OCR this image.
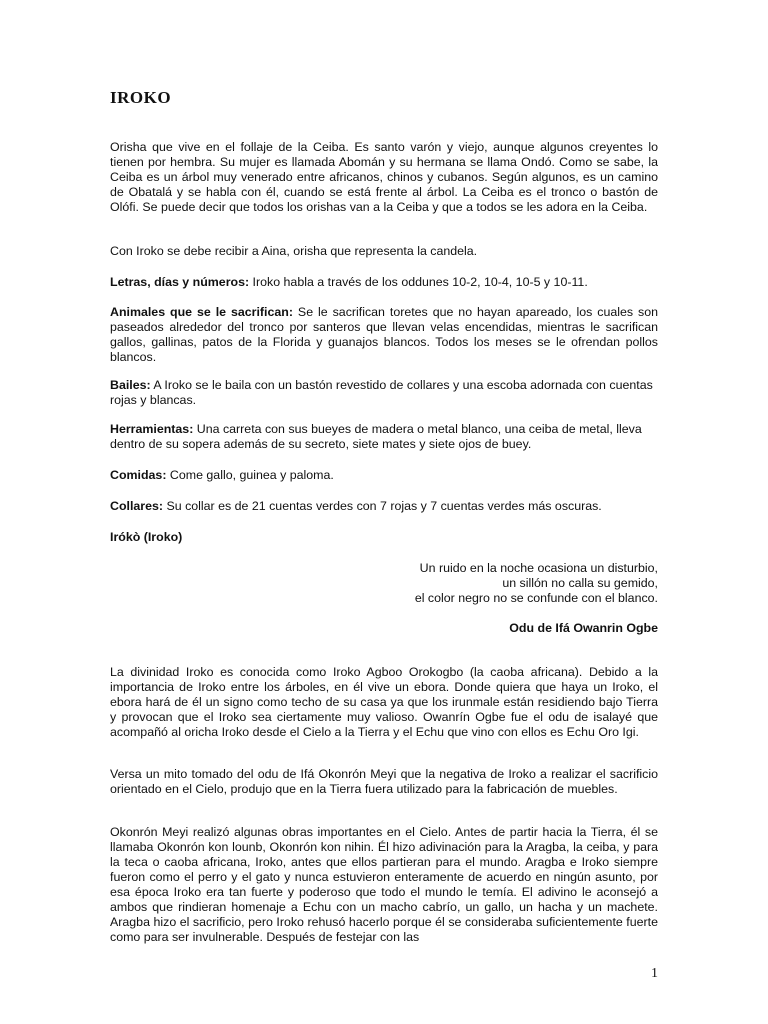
IROKO

Orisha que vive en el follaje de la Ceiba. Es santo varón y viejo, aunque algunos creyentes lo tienen por hembra. Su mujer es llamada Abomán y su hermana se llama Ondó. Como se sabe, la Ceiba es un árbol muy venerado entre africanos, chinos y cubanos. Según algunos, es un camino de Obatalá y se habla con él, cuando se está frente al árbol. La Ceiba es el tronco o bastón de Olófi. Se puede decir que todos los orishas van a la Ceiba y que a todos se les adora en la Ceiba.

Con Iroko se debe recibir a Aina, orisha que representa la candela.

Letras, días y números: Iroko habla a través de los oddunes 10-2, 10-4, 10-5 y 10-11.

Animales que se le sacrifican: Se le sacrifican toretes que no hayan apareado, los cuales son paseados alrededor del tronco por santeros que llevan velas encendidas, mientras le sacrifican gallos, gallinas, patos de la Florida y guanajos blancos. Todos los meses se le ofrendan pollos blancos.

Bailes: A Iroko se le baila con un bastón revestido de collares y una escoba adornada con cuentas rojas y blancas.

Herramientas: Una carreta con sus bueyes de madera o metal blanco, una ceiba de metal, lleva dentro de su sopera además de su secreto, siete mates y siete ojos de buey.

Comidas: Come gallo, guinea y paloma.

Collares: Su collar es de 21 cuentas verdes con 7 rojas y 7 cuentas verdes más oscuras.

Irókò (Iroko)
Un ruido en la noche ocasiona un disturbio,
un sillón no calla su gemido,
el color negro no se confunde con el blanco.
Odu de Ifá Owanrin Ogbe

La divinidad Iroko es conocida como Iroko Agboo Orokogbo (la caoba africana). Debido a la importancia de Iroko entre los árboles, en él vive un ebora. Donde quiera que haya un Iroko, el ebora hará de él un signo como techo de su casa ya que los irunmale están residiendo bajo Tierra y provocan que el Iroko sea ciertamente muy valioso. Owanrín Ogbe fue el odu de isalayé que acompañó al oricha Iroko desde el Cielo a la Tierra y el Echu que vino con ellos es Echu Oro Igi.

Versa un mito tomado del odu de Ifá Okonrón Meyi que la negativa de Iroko a realizar el sacrificio orientado en el Cielo, produjo que en la Tierra fuera utilizado para la fabricación de muebles.

Okonrón Meyi realizó algunas obras importantes en el Cielo. Antes de partir hacia la Tierra, él se llamaba Okonrón kon lounb, Okonrón kon nihin. Él hizo adivinación para la Aragba, la ceiba, y para la teca o caoba africana, Iroko, antes que ellos partieran para el mundo. Aragba e Iroko siempre fueron como el perro y el gato y nunca estuvieron enteramente de acuerdo en ningún asunto, por esa época Iroko era tan fuerte y poderoso que todo el mundo le temía. El adivino le aconsejó a ambos que rindieran homenaje a Echu con un macho cabrío, un gallo, un hacha y un machete. Aragba hizo el sacrificio, pero Iroko rehusó hacerlo porque él se consideraba suficientemente fuerte como para ser invulnerable. Después de festejar con las

1
